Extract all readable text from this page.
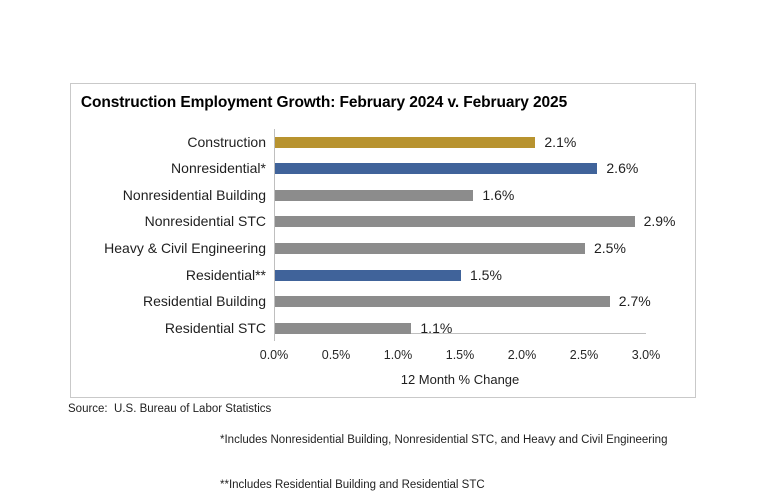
Construction Employment Growth: February 2024 v. February 2025
Construction	2.1%
Nonresidential*	2.6%
Nonresidential Building	1.6%
Nonresidential STC	2.9%
Heavy & Civil Engineering	2.5%
Residential**	1.5%
Residential Building	2.7%
Residential STC	1.1%
0.0%	0.5%	1.0%	1.5%	2.0%	2.5%	3.0%
12 Month % Change
Source:  U.S. Bureau of Labor Statistics

*Includes Nonresidential Building, Nonresidential STC, and Heavy and Civil Engineering

**Includes Residential Building and Residential STC
